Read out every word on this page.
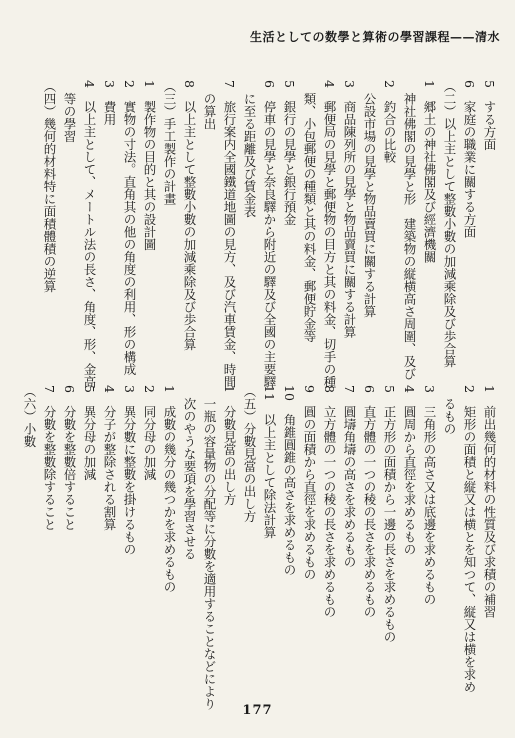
生活としての数學と算術の學習課程——清水
5　する方面
6　家庭の職業に關する方面
（二）以上主として整數小數の加減乘除及び歩合算
1　郷土の神社佛閣及び經濟機關
　神社佛閣の見學と形　建築物の縦横高さ周圍、及び
2　釣合の比較
　公設市場の見學と物品賣買に關する計算
3　商品陳列所の見學と物品賣買に關する計算
4　郵便局の見學と郵便物の目方と其の料金、切手の種
　類、小包郵便の種類と其の料金、郵便貯金等
5　銀行の見學と銀行預金
6　停車の見學と奈良驛から附近の驛及び全國の主要驛
　に至る距離及び賃金表
7　旅行案内全國鐵道地圖の見方、及び汽車賃金、時間
　の算出
8　以上主として整數小數の加減乘除及び歩合算
（三）手工製作の計畫
1　製作物の目的と其の設計圖
2　實物の寸法。直角其の他の角度の利用、形の構成
3　費用
4　以上主として、メートル法の長さ、角度、形、金高
　等の學習
（四）幾何的材料特に面積體積の逆算
177
1　前出幾何的材料の性質及び求積の補習
2　矩形の面積と縦又は横とを知つて、縦又は横を求め
　るもの
3　三角形の高さ又は底邊を求めるもの
4　圓周から直徑を求めるもの
5　正方形の面積から一邊の長さを求めるもの
6　直方體の一つの稜の長さを求めるもの
7　圓壔角壔の高さを求めるもの
8　立方體の一つの稜の長さを求めるもの
9　圓の面積から直徑を求めるもの
10　角錐圓錐の高さを求めるもの
11　以上主として除法計算
（五）分數見當の出し方
1　分數見當の出し方
　一瓶の容量物の分配等に分數を適用することなどにより
　次のやうな要項を學習させる
1　成數の幾分の幾つかを求めるもの
2　同分母の加減
3　異分數に整數を掛けるもの
4　分子が整除される割算
5　異分母の加減
6　分數を整數倍すること
7　分數を整數除すること
（六）小數
